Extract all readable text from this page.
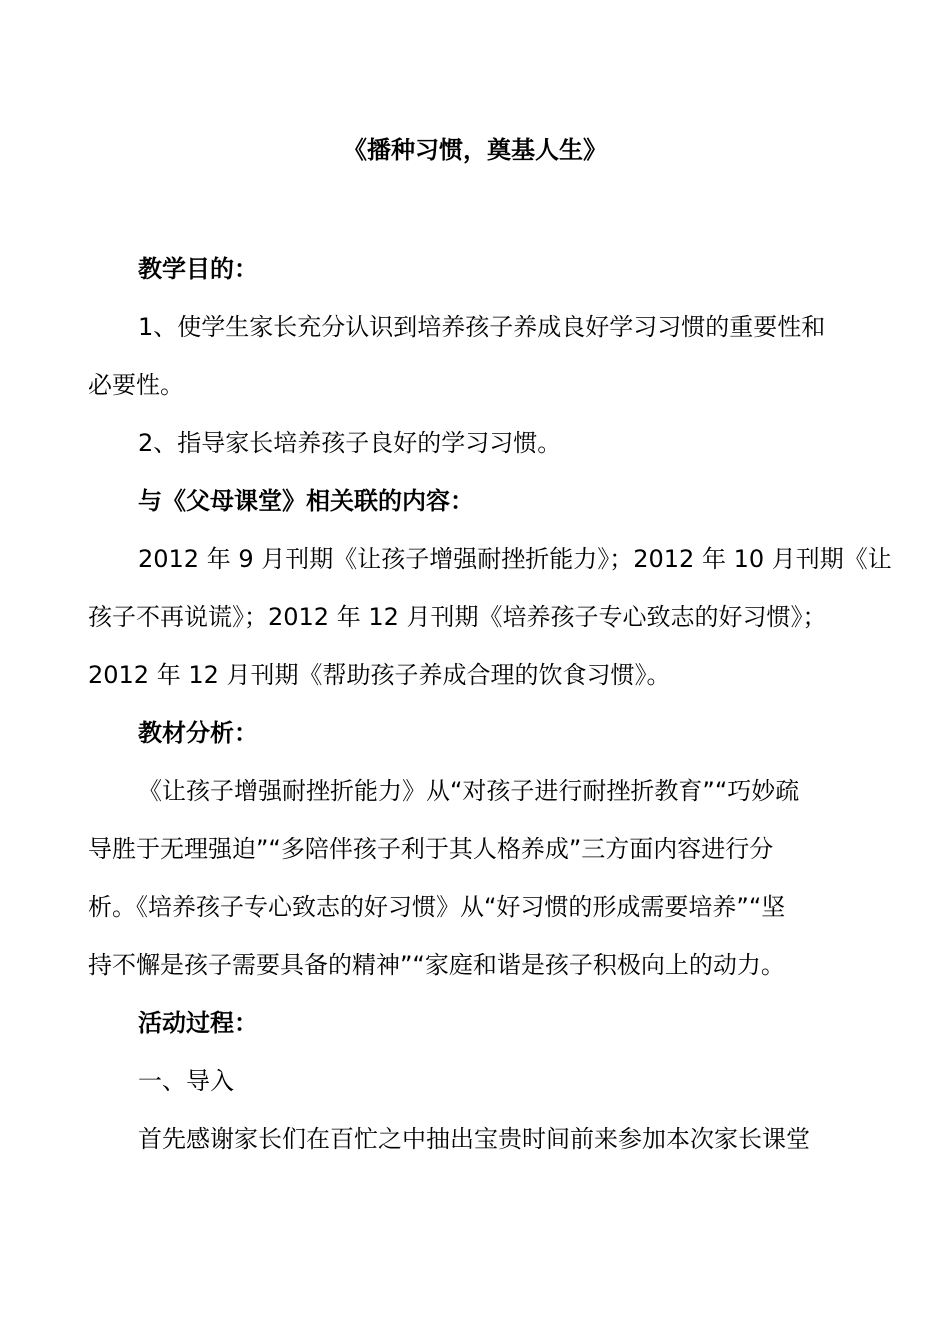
《播种习惯，奠基人生》

教学目的：

1、使学生家长充分认识到培养孩子养成良好学习习惯的重要性和

必要性。

2、指导家长培养孩子良好的学习习惯。

与《父母课堂》相关联的内容：

2012 年 9 月刊期《让孩子增强耐挫折能力》；2012 年 10 月刊期《让

孩子不再说谎》；2012 年 12 月刊期《培养孩子专心致志的好习惯》；

2012 年 12 月刊期《帮助孩子养成合理的饮食习惯》。

教材分析：

《让孩子增强耐挫折能力》从“对孩子进行耐挫折教育”“巧妙疏

导胜于无理强迫”“多陪伴孩子利于其人格养成”三方面内容进行分

析。《培养孩子专心致志的好习惯》从“好习惯的形成需要培养”“坚

持不懈是孩子需要具备的精神”“家庭和谐是孩子积极向上的动力。

活动过程：

一、导入

首先感谢家长们在百忙之中抽出宝贵时间前来参加本次家长课堂
